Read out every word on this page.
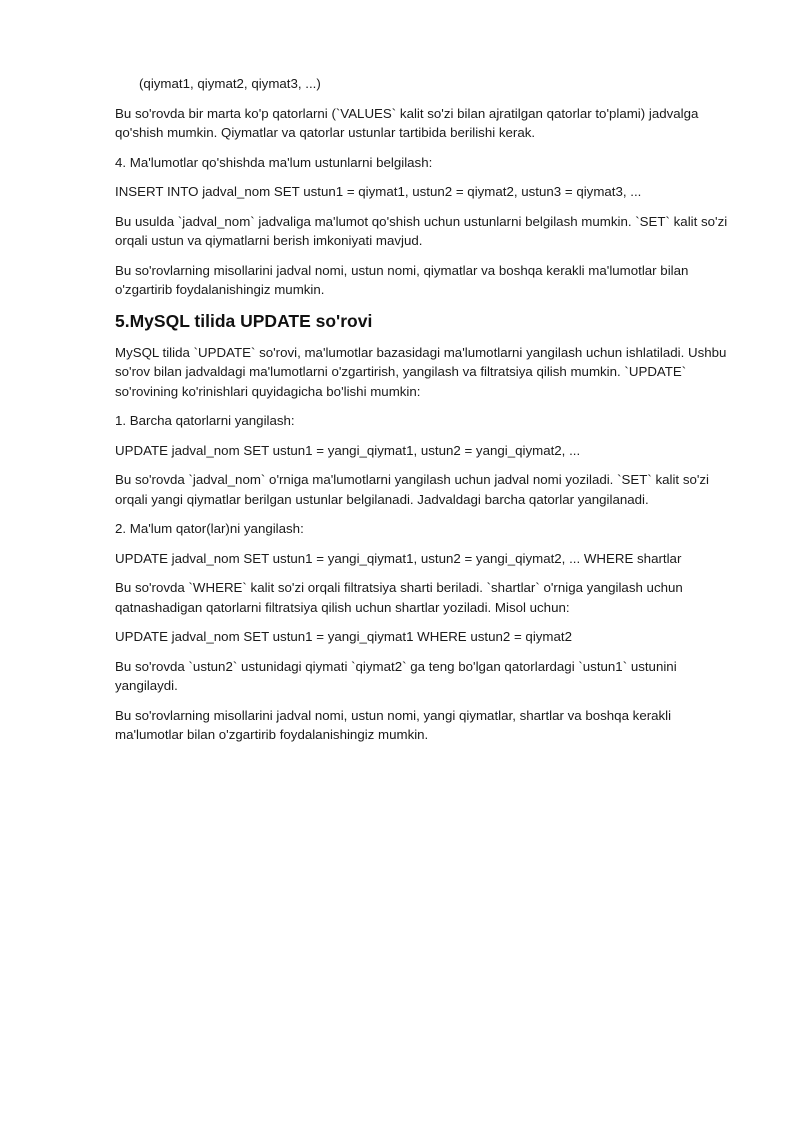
(qiymat1, qiymat2, qiymat3, ...)

Bu so'rovda bir marta ko'p qatorlarni (`VALUES` kalit so'zi bilan ajratilgan qatorlar to'plami) jadvalga qo'shish mumkin. Qiymatlar va qatorlar ustunlar tartibida berilishi kerak.

4. Ma'lumotlar qo'shishda ma'lum ustunlarni belgilash:

INSERT INTO jadval_nom SET ustun1 = qiymat1, ustun2 = qiymat2, ustun3 = qiymat3, ...

Bu usulda `jadval_nom` jadvaliga ma'lumot qo'shish uchun ustunlarni belgilash mumkin. `SET` kalit so'zi orqali ustun va qiymatlarni berish imkoniyati mavjud.

Bu so'rovlarning misollarini jadval nomi, ustun nomi, qiymatlar va boshqa kerakli ma'lumotlar bilan o'zgartirib foydalanishingiz mumkin.

5.MySQL tilida UPDATE so'rovi

MySQL tilida `UPDATE` so'rovi, ma'lumotlar bazasidagi ma'lumotlarni yangilash uchun ishlatiladi. Ushbu so'rov bilan jadvaldagi ma'lumotlarni o'zgartirish, yangilash va filtratsiya qilish mumkin. `UPDATE` so'rovining ko'rinishlari quyidagicha bo'lishi mumkin:

1. Barcha qatorlarni yangilash:

UPDATE jadval_nom SET ustun1 = yangi_qiymat1, ustun2 = yangi_qiymat2, ...

Bu so'rovda `jadval_nom` o'rniga ma'lumotlarni yangilash uchun jadval nomi yoziladi. `SET` kalit so'zi orqali yangi qiymatlar berilgan ustunlar belgilanadi. Jadvaldagi barcha qatorlar yangilanadi.

2. Ma'lum qator(lar)ni yangilash:

UPDATE jadval_nom SET ustun1 = yangi_qiymat1, ustun2 = yangi_qiymat2, ... WHERE shartlar

Bu so'rovda `WHERE` kalit so'zi orqali filtratsiya sharti beriladi. `shartlar` o'rniga yangilash uchun qatnashadigan qatorlarni filtratsiya qilish uchun shartlar yoziladi. Misol uchun:

UPDATE jadval_nom SET ustun1 = yangi_qiymat1 WHERE ustun2 = qiymat2

Bu so'rovda `ustun2` ustunidagi qiymati `qiymat2` ga teng bo'lgan qatorlardagi `ustun1` ustunini yangilaydi.

Bu so'rovlarning misollarini jadval nomi, ustun nomi, yangi qiymatlar, shartlar va boshqa kerakli ma'lumotlar bilan o'zgartirib foydalanishingiz mumkin.
